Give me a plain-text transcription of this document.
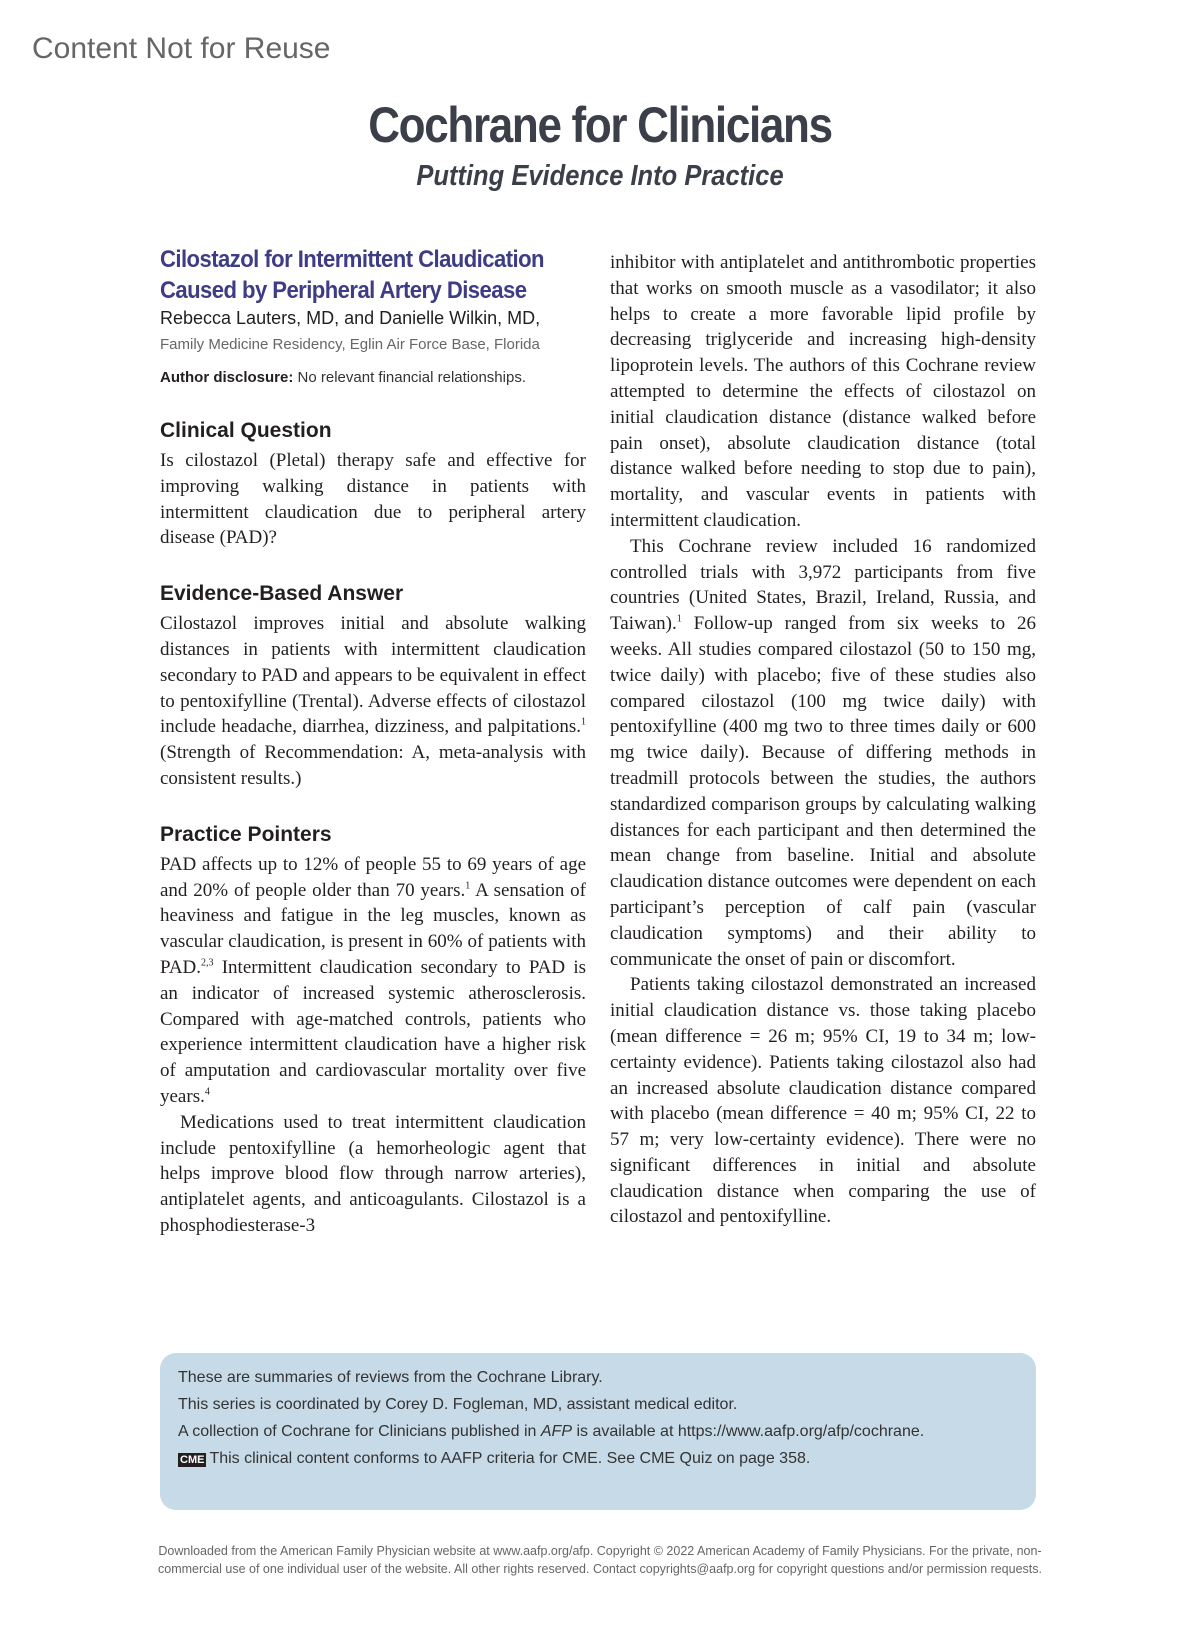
Content Not for Reuse
Cochrane for Clinicians
Putting Evidence Into Practice

Cilostazol for Intermittent Claudication Caused by Peripheral Artery Disease

Rebecca Lauters, MD, and Danielle Wilkin, MD, Family Medicine Residency, Eglin Air Force Base, Florida

Author disclosure: No relevant financial relationships.

Clinical Question

Is cilostazol (Pletal) therapy safe and effective for improving walking distance in patients with intermittent claudication due to peripheral artery disease (PAD)?

Evidence-Based Answer

Cilostazol improves initial and absolute walking distances in patients with intermittent claudication secondary to PAD and appears to be equivalent in effect to pentoxifylline (Trental). Adverse effects of cilostazol include headache, diarrhea, dizziness, and palpitations.$^1$ (Strength of Recommendation: A, meta-analysis with consistent results.)

Practice Pointers

PAD affects up to 12% of people 55 to 69 years of age and 20% of people older than 70 years.$^1$ A sensation of heaviness and fatigue in the leg muscles, known as vascular claudication, is present in 60% of patients with PAD.$^{2,3}$ Intermittent claudication secondary to PAD is an indicator of increased systemic atherosclerosis. Compared with age-matched controls, patients who experience intermittent claudication have a higher risk of amputation and cardiovascular mortality over five years.$^4$

Medications used to treat intermittent claudication include pentoxifylline (a hemorheologic agent that helps improve blood flow through narrow arteries), antiplatelet agents, and anticoagulants. Cilostazol is a phosphodiesterase-3

inhibitor with antiplatelet and antithrombotic properties that works on smooth muscle as a vasodilator; it also helps to create a more favorable lipid profile by decreasing triglyceride and increasing high-density lipoprotein levels. The authors of this Cochrane review attempted to determine the effects of cilostazol on initial claudication distance (distance walked before pain onset), absolute claudication distance (total distance walked before needing to stop due to pain), mortality, and vascular events in patients with intermittent claudication.

This Cochrane review included 16 randomized controlled trials with 3,972 participants from five countries (United States, Brazil, Ireland, Russia, and Taiwan).$^1$ Follow-up ranged from six weeks to 26 weeks. All studies compared cilostazol (50 to 150 mg, twice daily) with placebo; five of these studies also compared cilostazol (100 mg twice daily) with pentoxifylline (400 mg two to three times daily or 600 mg twice daily). Because of differing methods in treadmill protocols between the studies, the authors standardized comparison groups by calculating walking distances for each participant and then determined the mean change from baseline. Initial and absolute claudication distance outcomes were dependent on each participant’s perception of calf pain (vascular claudication symptoms) and their ability to communicate the onset of pain or discomfort.

Patients taking cilostazol demonstrated an increased initial claudication distance vs. those taking placebo (mean difference = 26 m; 95% CI, 19 to 34 m; low-certainty evidence). Patients taking cilostazol also had an increased absolute claudication distance compared with placebo (mean difference = 40 m; 95% CI, 22 to 57 m; very low-certainty evidence). There were no significant differences in initial and absolute claudication distance when comparing the use of cilostazol and pentoxifylline.

These are summaries of reviews from the Cochrane Library.

This series is coordinated by Corey D. Fogleman, MD, assistant medical editor.

A collection of Cochrane for Clinicians published in AFP is available at https://www.aafp.org/afp/cochrane.

CME This clinical content conforms to AAFP criteria for CME. See CME Quiz on page 358.

Downloaded from the American Family Physician website at www.aafp.org/afp. Copyright © 2022 American Academy of Family Physicians. For the private, non-
commercial use of one individual user of the website. All other rights reserved. Contact copyrights@aafp.org for copyright questions and/or permission requests.
